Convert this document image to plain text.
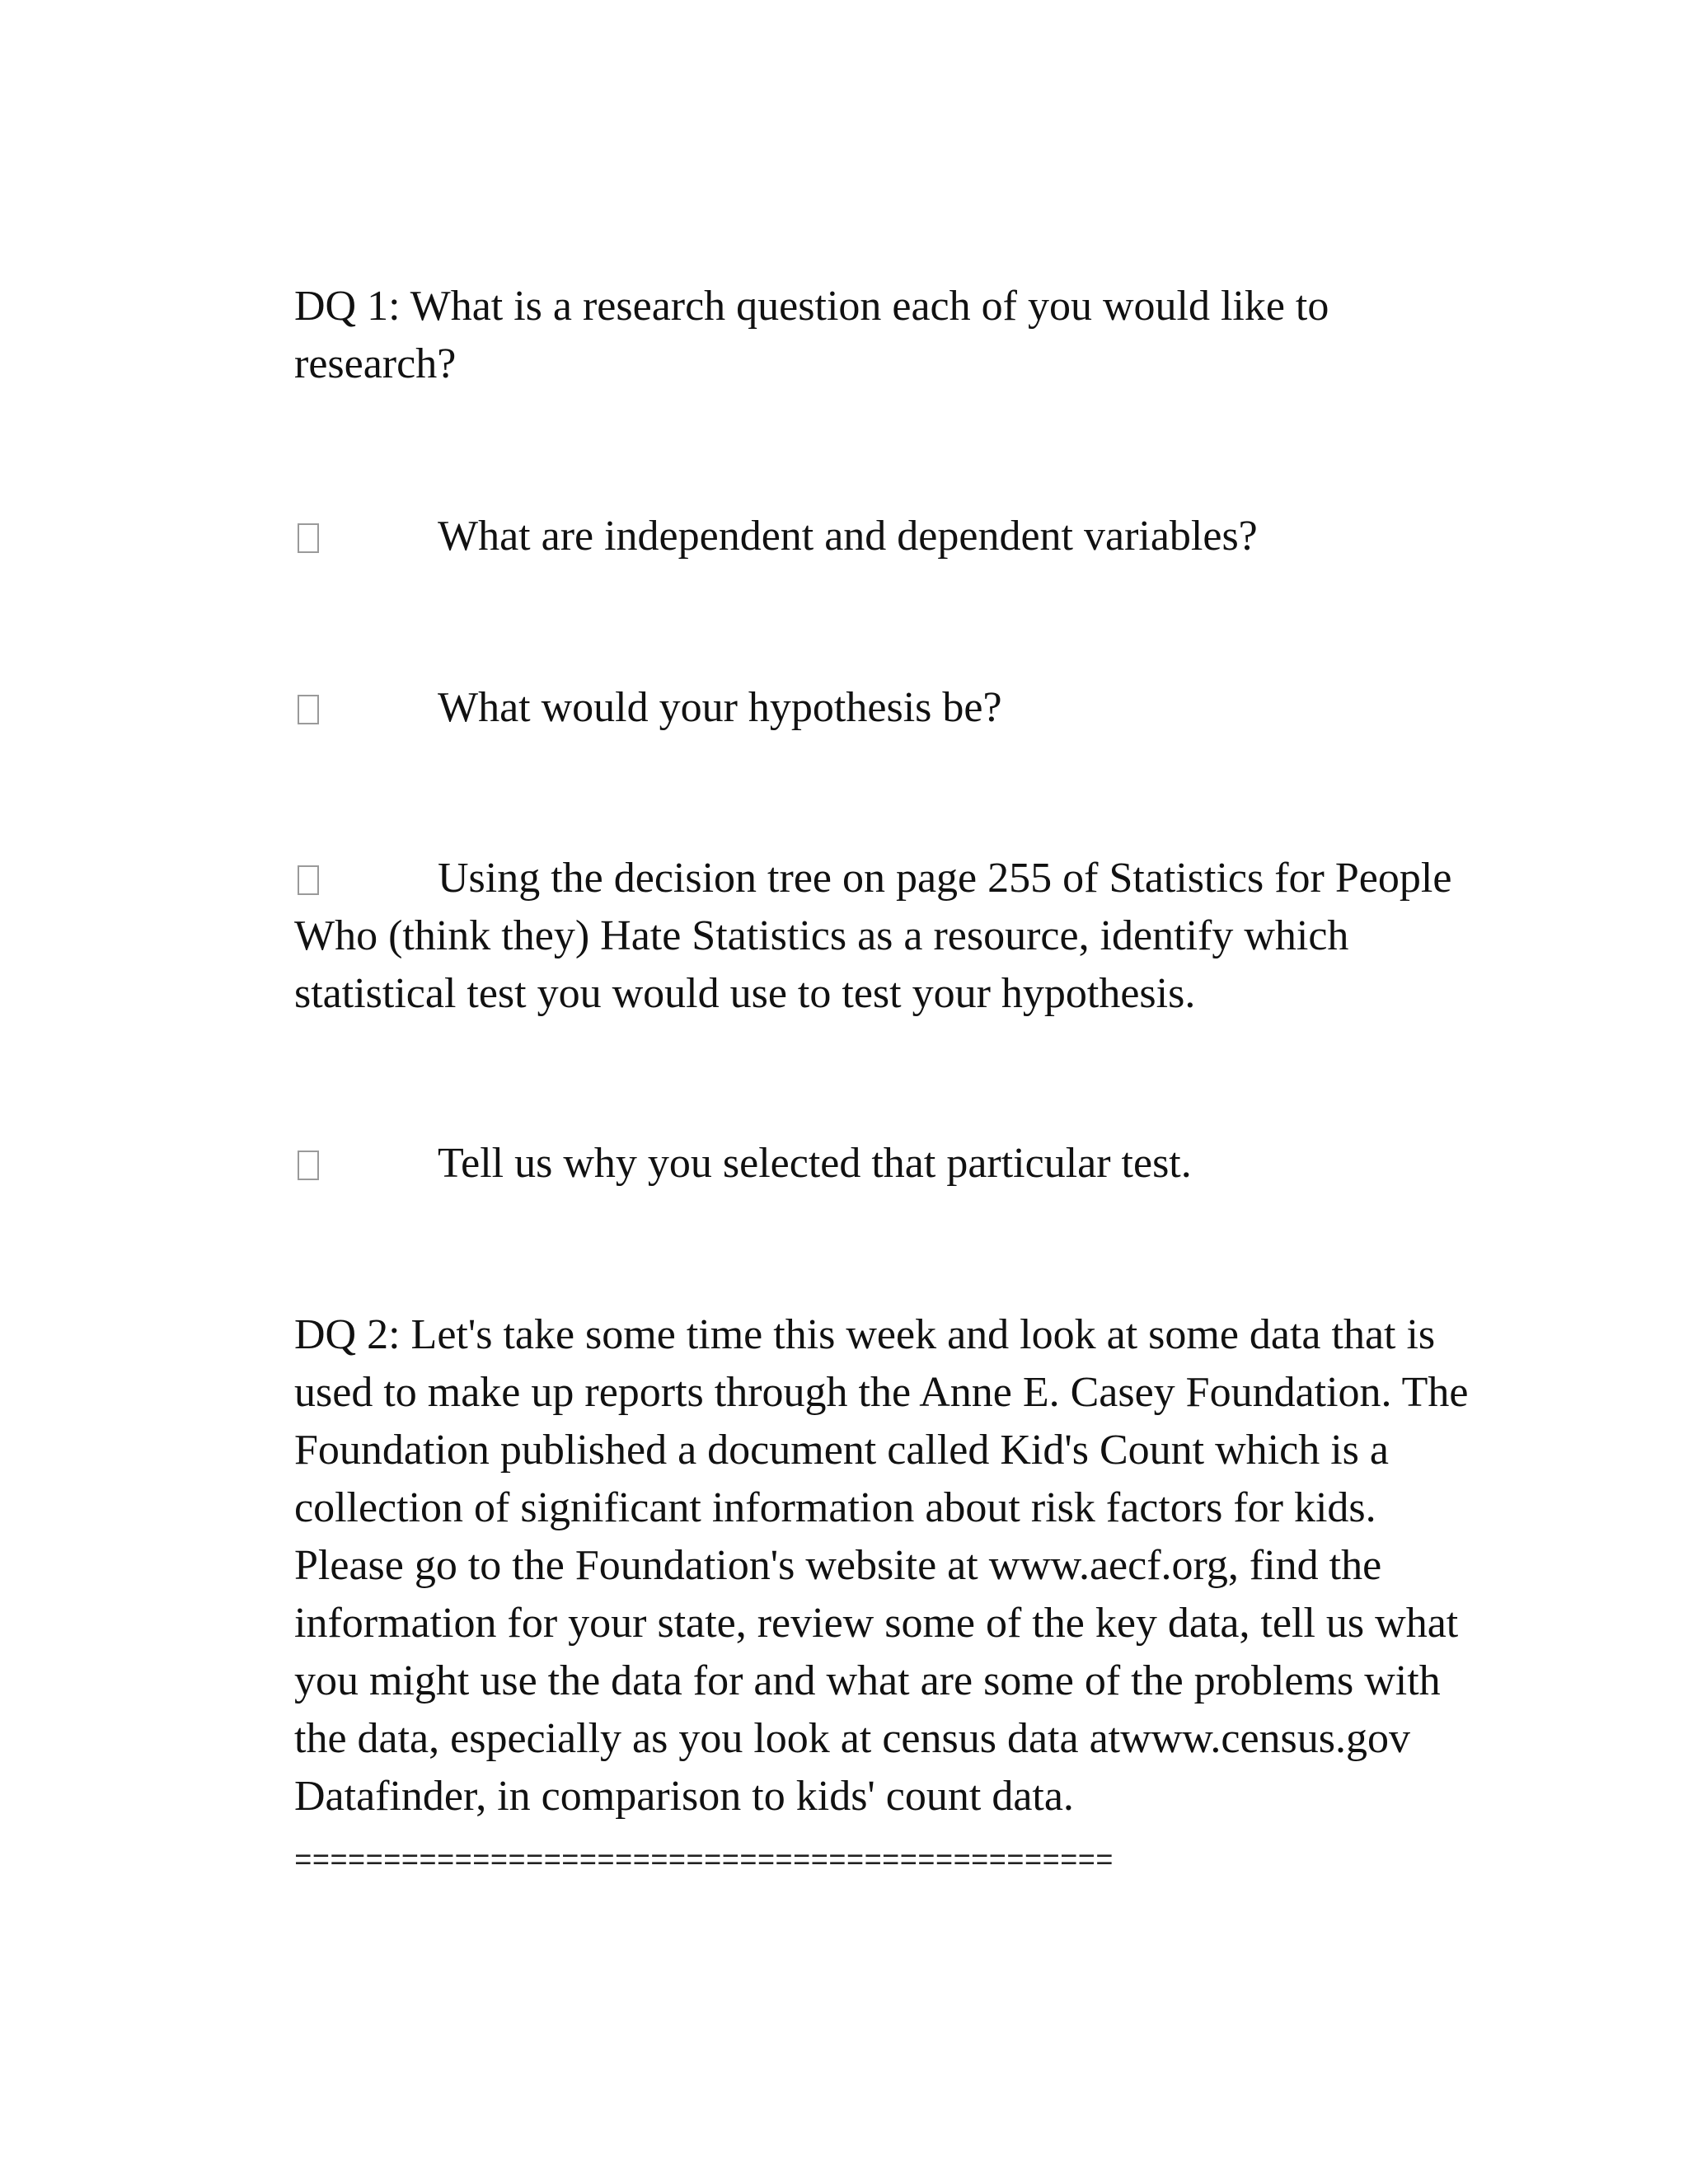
DQ 1: What is a research question each of you would like to research?
What are independent and dependent variables?
What would your hypothesis be?
Using the decision tree on page 255 of Statistics for People Who (think they) Hate Statistics as a resource, identify which statistical test you would use to test your hypothesis.
Tell us why you selected that particular test.
DQ 2: Let's take some time this week and look at some data that is used to make up reports through the Anne E. Casey Foundation. The Foundation published a document called Kid's Count which is a collection of significant information about risk factors for kids. Please go to the Foundation's website at www.aecf.org, find the information for your state, review some of the key data, tell us what you might use the data for and what are some of the problems with the data, especially as you look at census data atwww.census.gov Datafinder, in comparison to kids' count data.
==============================================
